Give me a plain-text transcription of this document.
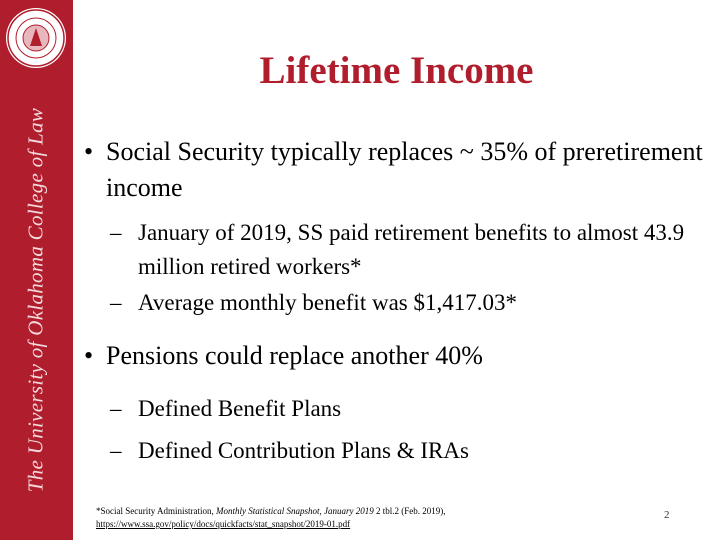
The University of Oklahoma College of Law
Lifetime Income
• Social Security typically replaces ~ 35% of preretirement income
– January of 2019, SS paid retirement benefits to almost 43.9 million retired workers*
– Average monthly benefit was $1,417.03*
• Pensions could replace another 40%
– Defined Benefit Plans
– Defined Contribution Plans & IRAs
*Social Security Administration, Monthly Statistical Snapshot, January 2019 2 tbl.2 (Feb. 2019),
https://www.ssa.gov/policy/docs/quickfacts/stat_snapshot/2019-01.pdf
2
